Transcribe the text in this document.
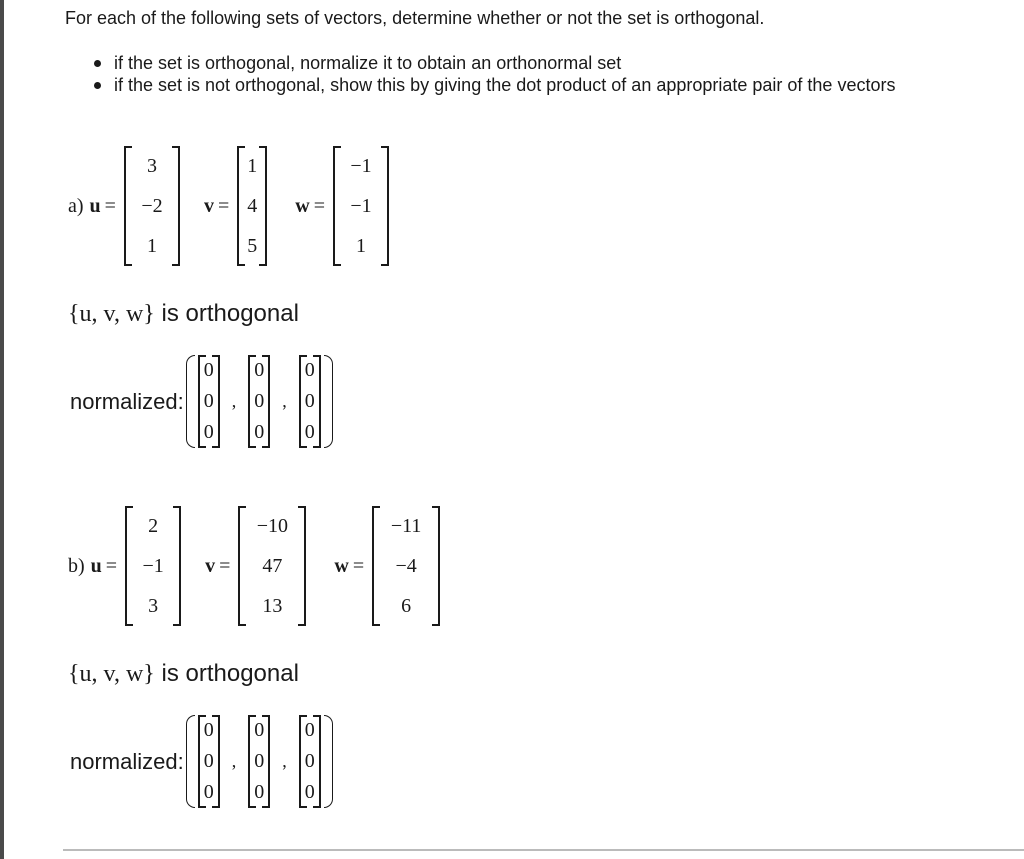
For each of the following sets of vectors, determine whether or not the set is orthogonal.
if the set is orthogonal, normalize it to obtain an orthonormal set
if the set is not orthogonal, show this by giving the dot product of an appropriate pair of the vectors
a) u =
3
−2
1
v =
1
4
5
w =
−1
−1
1
{u, v, w} is orthogonal
normalized:
0
0
0
,
0
0
0
,
0
0
0
b) u =
2
−1
3
v =
−10
47
13
w =
−11
−4
6
{u, v, w} is orthogonal
normalized:
0
0
0
,
0
0
0
,
0
0
0
